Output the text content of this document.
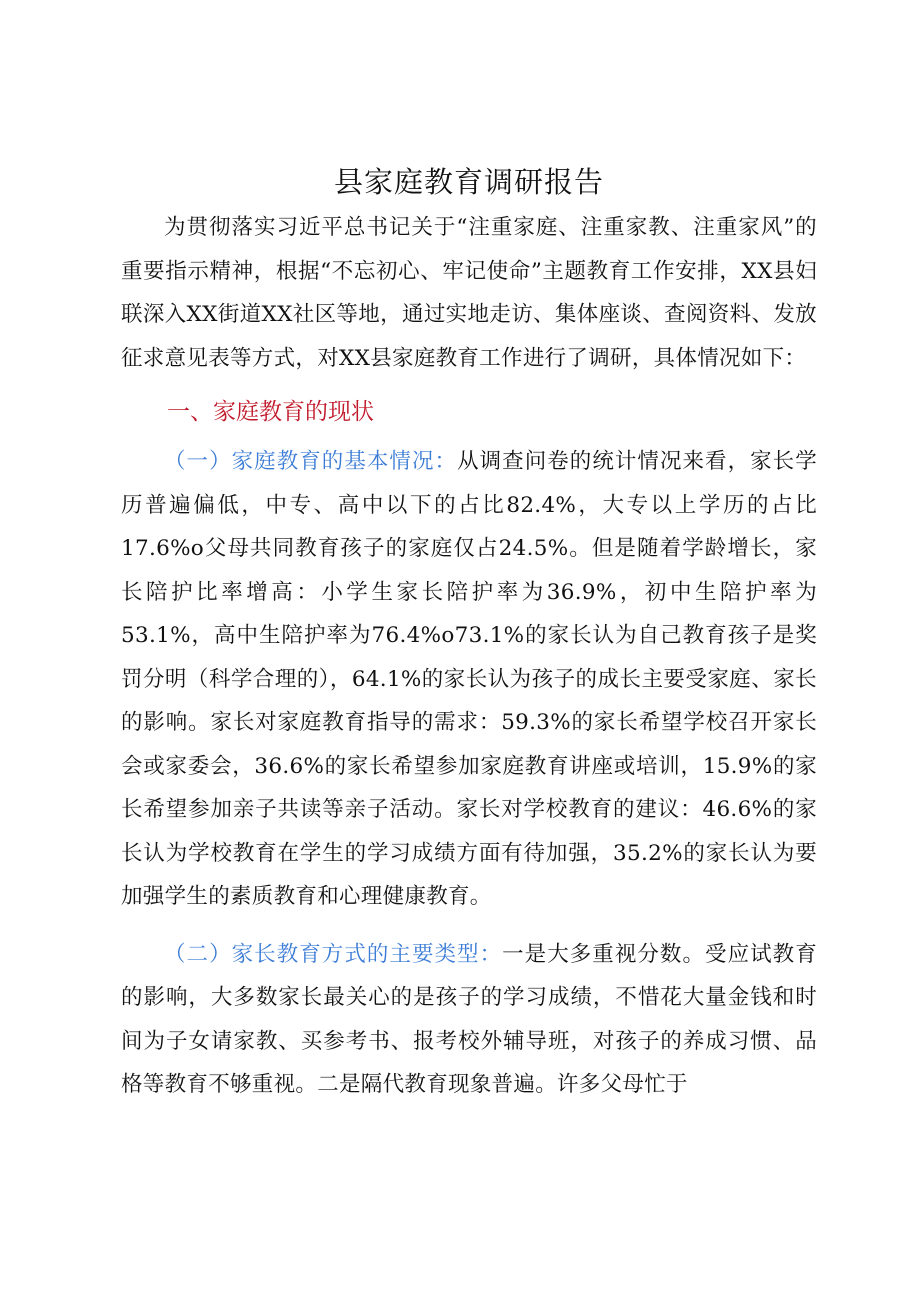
县家庭教育调研报告

为贯彻落实习近平总书记关于“注重家庭、注重家教、注重家风”的重要指示精神，根据“不忘初心、牢记使命”主题教育工作安排，XX县妇联深入XX街道XX社区等地，通过实地走访、集体座谈、查阅资料、发放征求意见表等方式，对XX县家庭教育工作进行了调研，具体情况如下：

一、家庭教育的现状

（一）家庭教育的基本情况：从调查问卷的统计情况来看，家长学历普遍偏低，中专、高中以下的占比82.4%，大专以上学历的占比17.6%o父母共同教育孩子的家庭仅占24.5%。但是随着学龄增长，家长陪护比率增高：小学生家长陪护率为36.9%，初中生陪护率为53.1%，高中生陪护率为76.4%o73.1%的家长认为自己教育孩子是奖罚分明（科学合理的），64.1%的家长认为孩子的成长主要受家庭、家长的影响。家长对家庭教育指导的需求：59.3%的家长希望学校召开家长会或家委会，36.6%的家长希望参加家庭教育讲座或培训，15.9%的家长希望参加亲子共读等亲子活动。家长对学校教育的建议：46.6%的家长认为学校教育在学生的学习成绩方面有待加强，35.2%的家长认为要加强学生的素质教育和心理健康教育。

（二）家长教育方式的主要类型：一是大多重视分数。受应试教育的影响，大多数家长最关心的是孩子的学习成绩，不惜花大量金钱和时间为子女请家教、买参考书、报考校外辅导班，对孩子的养成习惯、品格等教育不够重视。二是隔代教育现象普遍。许多父母忙于
